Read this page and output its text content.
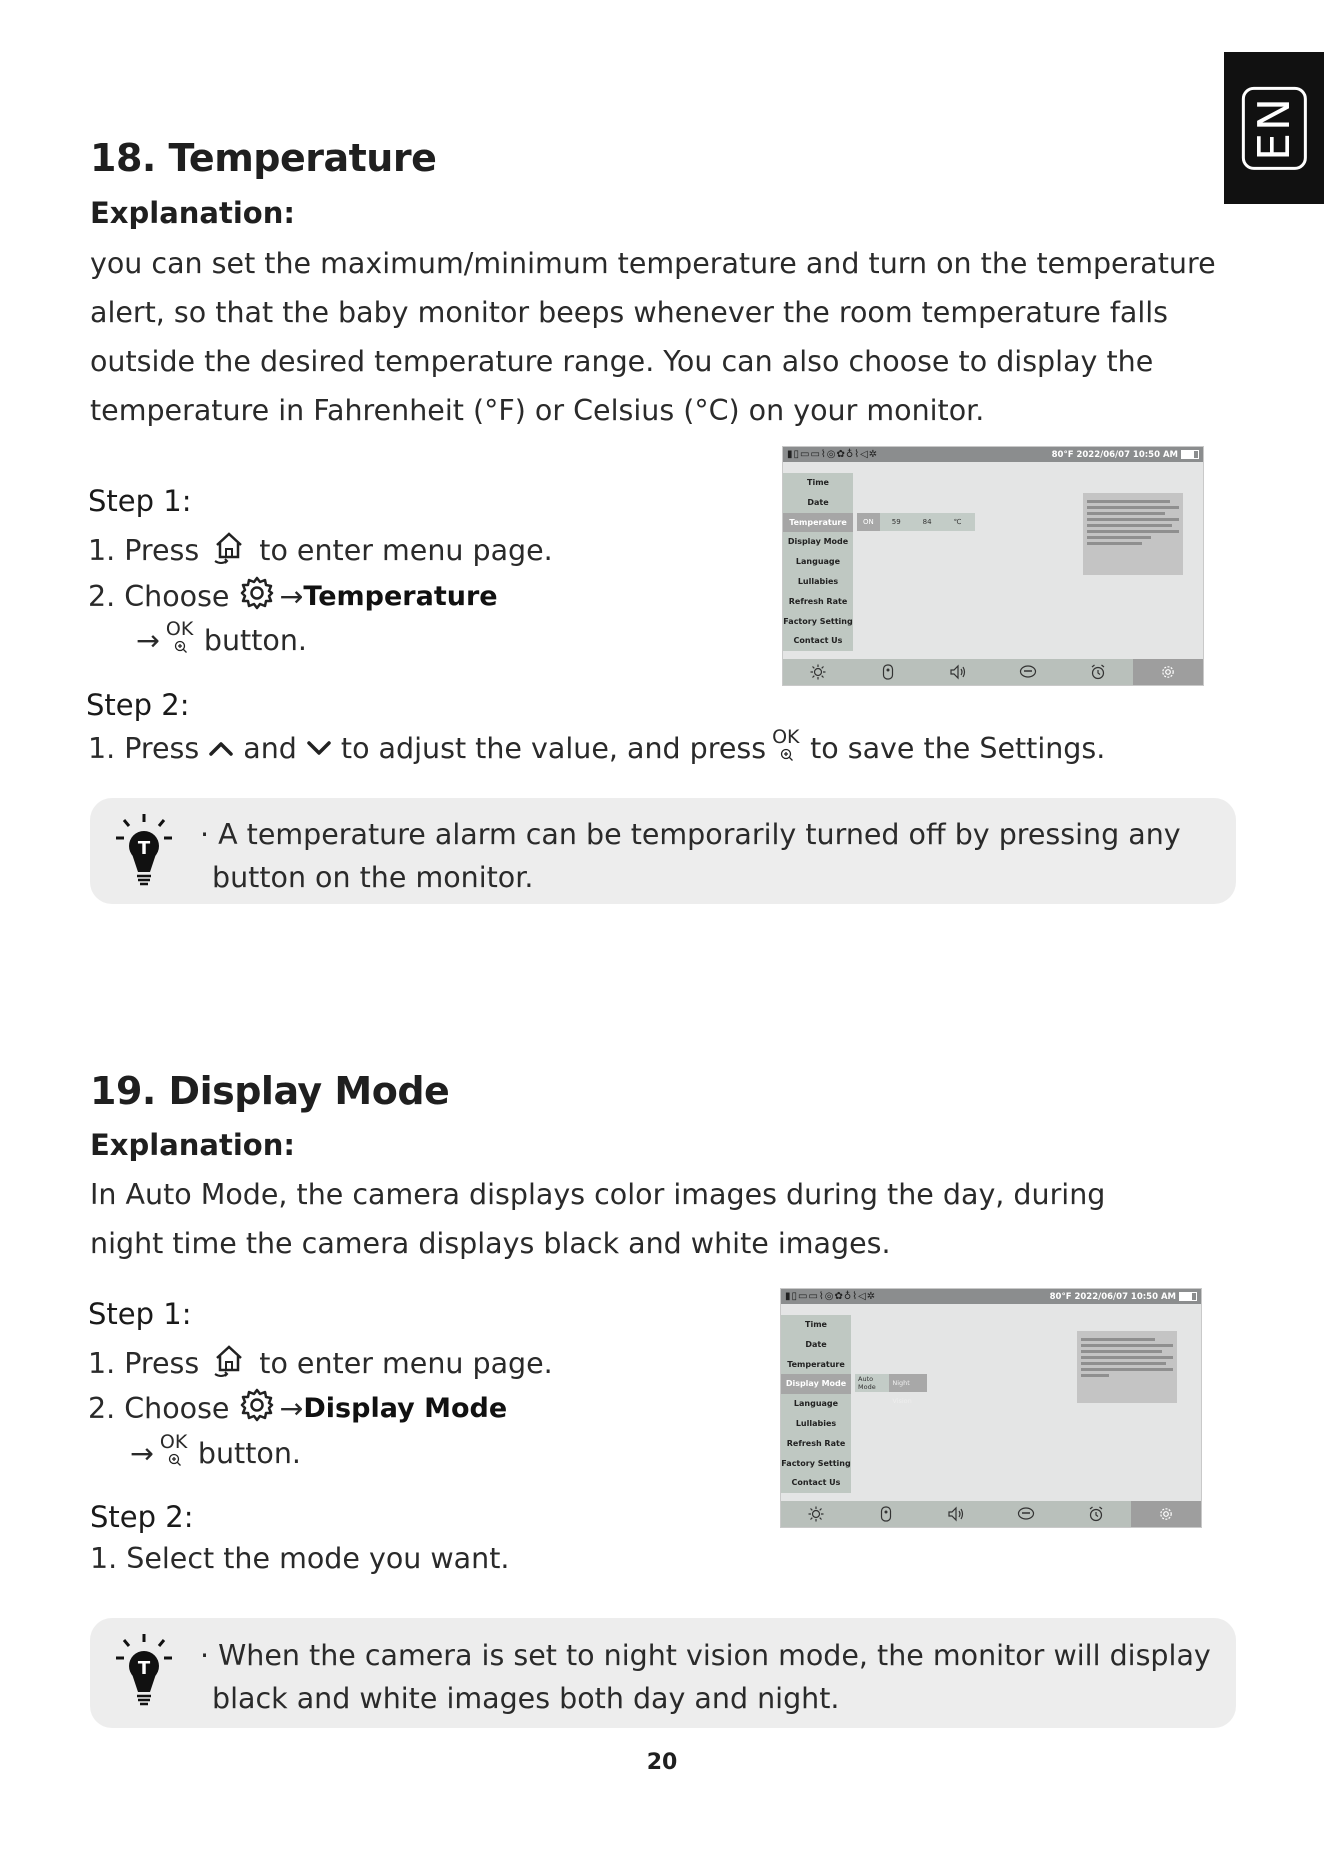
EN
18. Temperature
Explanation:
you can set the maximum/minimum temperature and turn on the temperature
alert, so that the baby monitor beeps whenever the room temperature falls
outside the desired temperature range. You can also choose to display the
temperature in Fahrenheit (°F) or Celsius (°C) on your monitor.
Step 1:
1. Press to enter menu page.
2. Choose → Temperature
→ OK button.
Step 2:
1. Press and to adjust the value, and press OK to save the Settings.
▮▯▭▭⌇◎✿♁⌇◁✲	80°F 2022/06/07 10:50 AM
Time
Date
Temperature
Display Mode
Language
Lullabies
Refresh Rate
Factory Setting
Contact Us
ON	59	84	℃
T · A temperature alarm can be temporarily turned off by pressing any
button on the monitor.
19. Display Mode
Explanation:
In Auto Mode, the camera displays color images during the day, during
night time the camera displays black and white images.
Step 1:
1. Press to enter menu page.
2. Choose → Display Mode
→ OK button.
Step 2:
1. Select the mode you want.
▮▯▭▭⌇◎✿♁⌇◁✲	80°F 2022/06/07 10:50 AM
Time
Date
Temperature
Display Mode
Language
Lullabies
Refresh Rate
Factory Setting
Contact Us
Auto Mode	Night Vision
T · When the camera is set to night vision mode, the monitor will display
black and white images both day and night.
20
